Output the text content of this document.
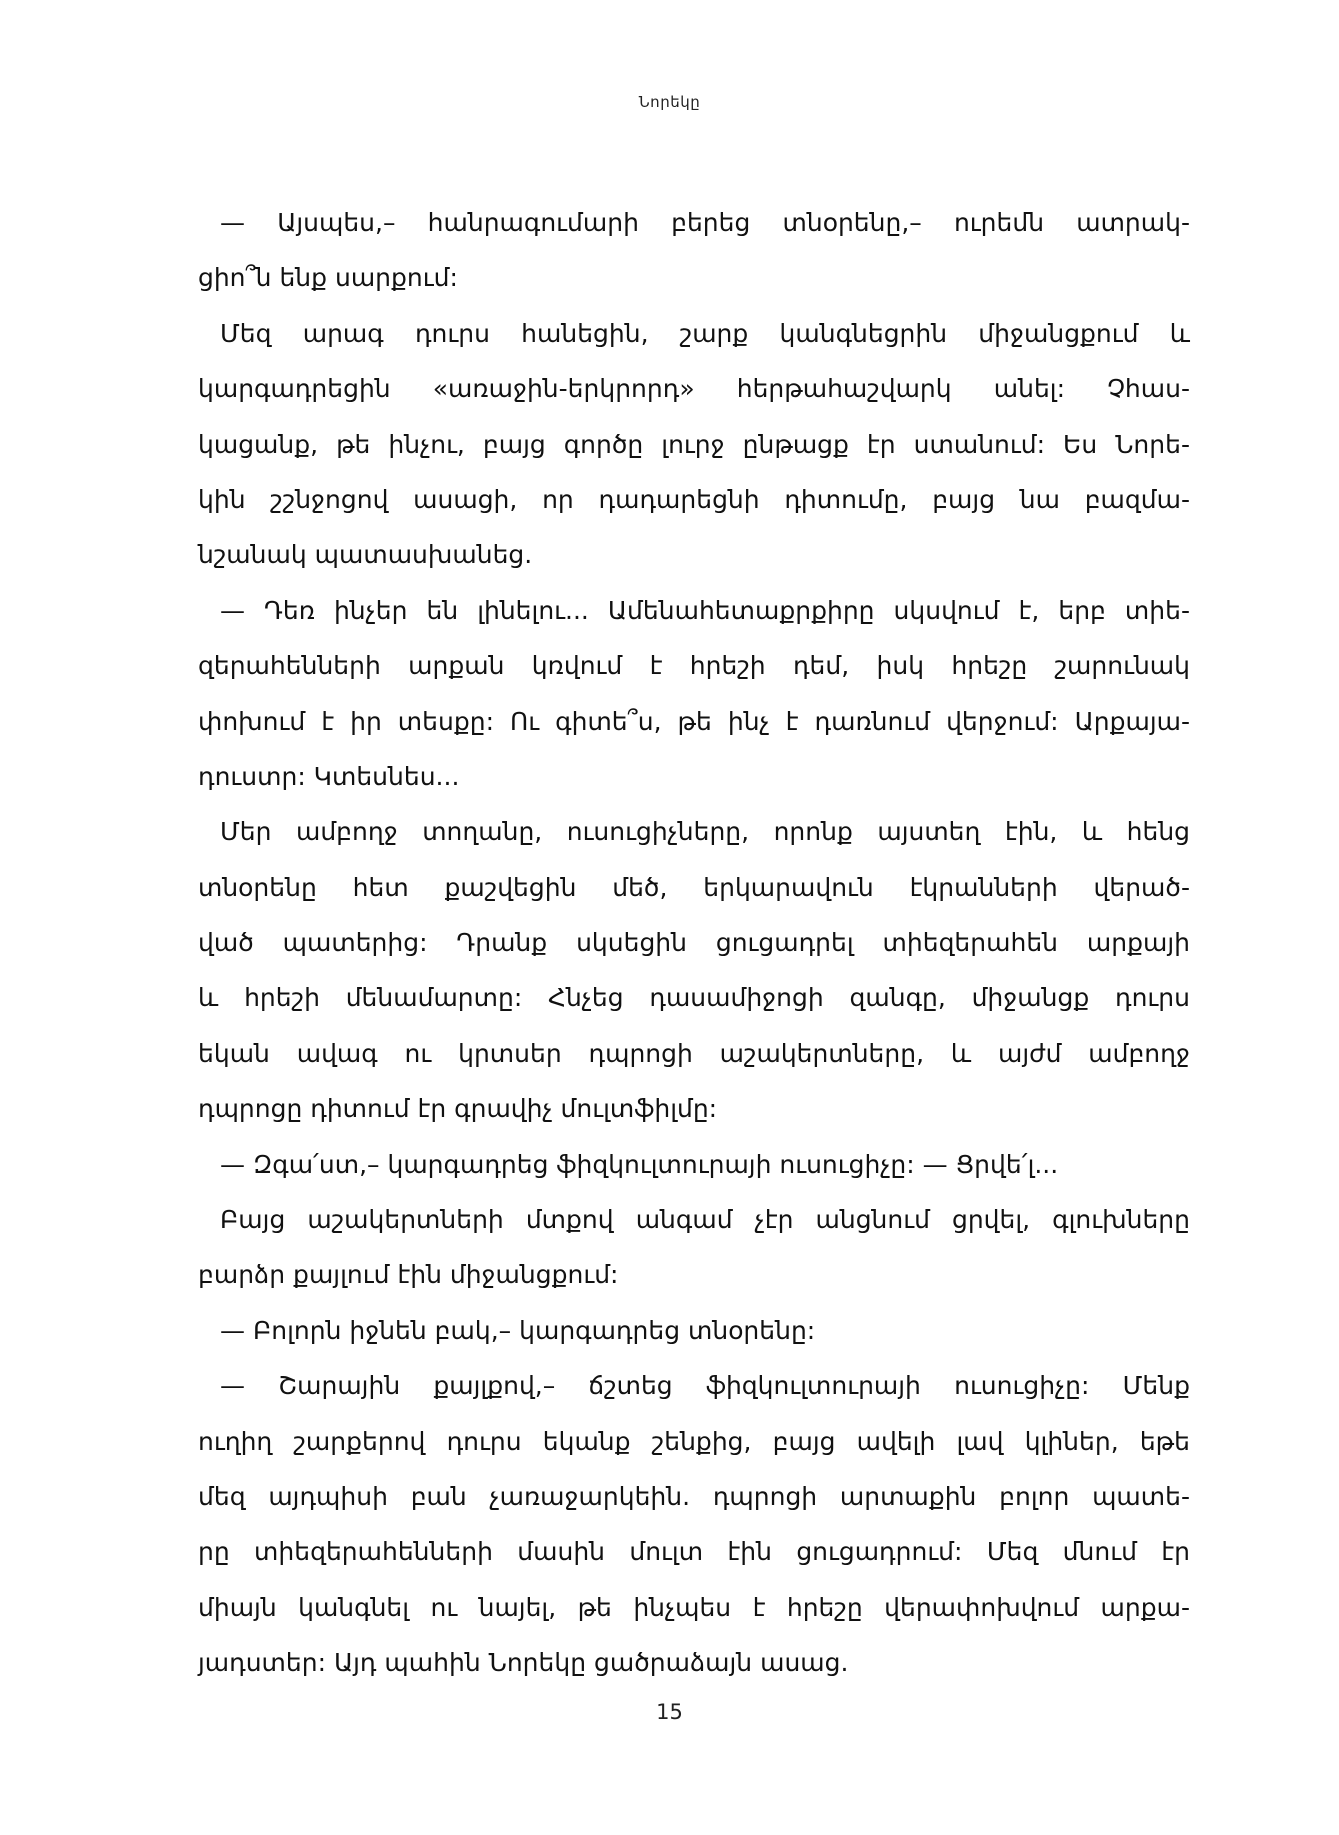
Նորեկը
— Այսպես,– հանրագումարի բերեց տնօրենը,– ուրեմն ատրակ-
ցիո՞ն ենք սարքում:
Մեզ արագ դուրս հանեցին, շարք կանգնեցրին միջանցքում և
կարգադրեցին «առաջին-երկրորդ» հերթահաշվարկ անել: Չհաս-
կացանք, թե ինչու, բայց գործը լուրջ ընթացք էր ստանում: Ես Նորե-
կին շշնջոցով ասացի, որ դադարեցնի դիտումը, բայց նա բազմա-
նշանակ պատասխանեց.
— Դեռ ինչեր են լինելու... Ամենահետաքրքիրը սկսվում է, երբ տիե-
զերահենների արքան կռվում է հրեշի դեմ, իսկ հրեշը շարունակ
փոխում է իր տեսքը: Ու գիտե՞ս, թե ինչ է դառնում վերջում: Արքայա-
դուստր: Կտեսնես...
Մեր ամբողջ տողանը, ուսուցիչները, որոնք այստեղ էին, և հենց
տնօրենը հետ քաշվեցին մեծ, երկարավուն էկրանների վերած-
ված պատերից: Դրանք սկսեցին ցուցադրել տիեզերահեն արքայի
և հրեշի մենամարտը: Հնչեց դասամիջոցի զանգը, միջանցք դուրս
եկան ավագ ու կրտսեր դպրոցի աշակերտները, և այժմ ամբողջ
դպրոցը դիտում էր գրավիչ մուլտֆիլմը:
— Զգա՛ստ,– կարգադրեց ֆիզկուլտուրայի ուսուցիչը: — Ցրվե՛լ...
Բայց աշակերտների մտքով անգամ չէր անցնում ցրվել, գլուխները
բարձր քայլում էին միջանցքում:
— Բոլորն իջնեն բակ,– կարգադրեց տնօրենը:
— Շարային քայլքով,– ճշտեց ֆիզկուլտուրայի ուսուցիչը: Մենք
ուղիղ շարքերով դուրս եկանք շենքից, բայց ավելի լավ կլիներ, եթե
մեզ այդպիսի բան չառաջարկեին. դպրոցի արտաքին բոլոր պատե-
րը տիեզերահենների մասին մուլտ էին ցուցադրում: Մեզ մնում էր
միայն կանգնել ու նայել, թե ինչպես է հրեշը վերափոխվում արքա-
յադստեր: Այդ պահին Նորեկը ցածրաձայն ասաց.
15
